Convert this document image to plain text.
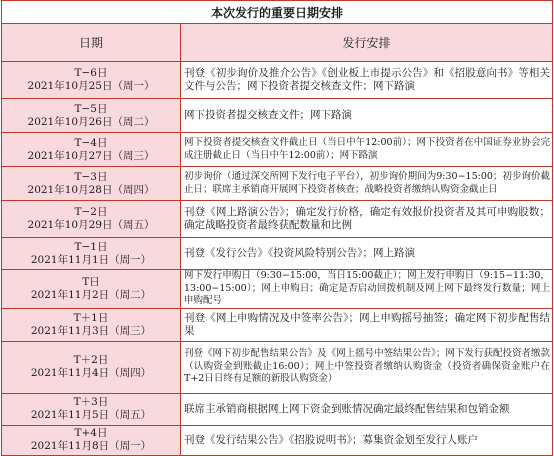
本次发行的重要日期安排	
日期	发行安排

T−6日
2021年10月25日（周一）	刊登《初步询价及推介公告》《创业板上市提示公告》和《招股意向书》等相关文件与公告；网下投资者提交核查文件；网下路演

T−5日
2021年10月26日（周二）	网下投资者提交核查文件；网下路演

T−4日
2021年10月27日（周三）	网下投资者提交核查文件截止日（当日中午12:00前）；网下投资者在中国证券业协会完成注册截止日（当日中午12:00前）；网下路演

T−3日
2021年10月28日（周四）	初步询价（通过深交所网下发行电子平台），初步询价期间为9:30−15:00；初步询价截止日；联席主承销商开展网下投资者核查；战略投资者缴纳认购资金截止日

T−2日
2021年10月29日（周五）	刊登《网上路演公告》；确定发行价格，确定有效报价投资者及其可申购股数；确定战略投资者最终获配数量和比例

T−1日
2021年11月1日（周一）	刊登《发行公告》《投资风险特别公告》；网上路演

T日
2021年11月2日（周二）	网下发行申购日（9:30−15:00，当日15:00截止）；网上发行申购日（9:15−11:30，13:00−15:00）；网上申购日；确定是否启动回拨机制及网上网下最终发行数量；网上申购配号

T＋1日
2021年11月3日（周三）	刊登《网上申购情况及中签率公告》；网上申购摇号抽签；确定网下初步配售结果

T＋2日
2021年11月4日（周四）	刊登《网下初步配售结果公告》及《网上摇号中签结果公告》；网下发行获配投资者缴款（认购资金到账截止16:00）；网上中签投资者缴纳认购资金（投资者确保资金账户在T+2日日终有足额的新股认购资金）

T＋3日
2021年11月5日（周五）	联席主承销商根据网上网下资金到账情况确定最终配售结果和包销金额

T+4日
2021年11月8日（周一）	刊登《发行结果公告》《招股说明书》；募集资金划至发行人账户
